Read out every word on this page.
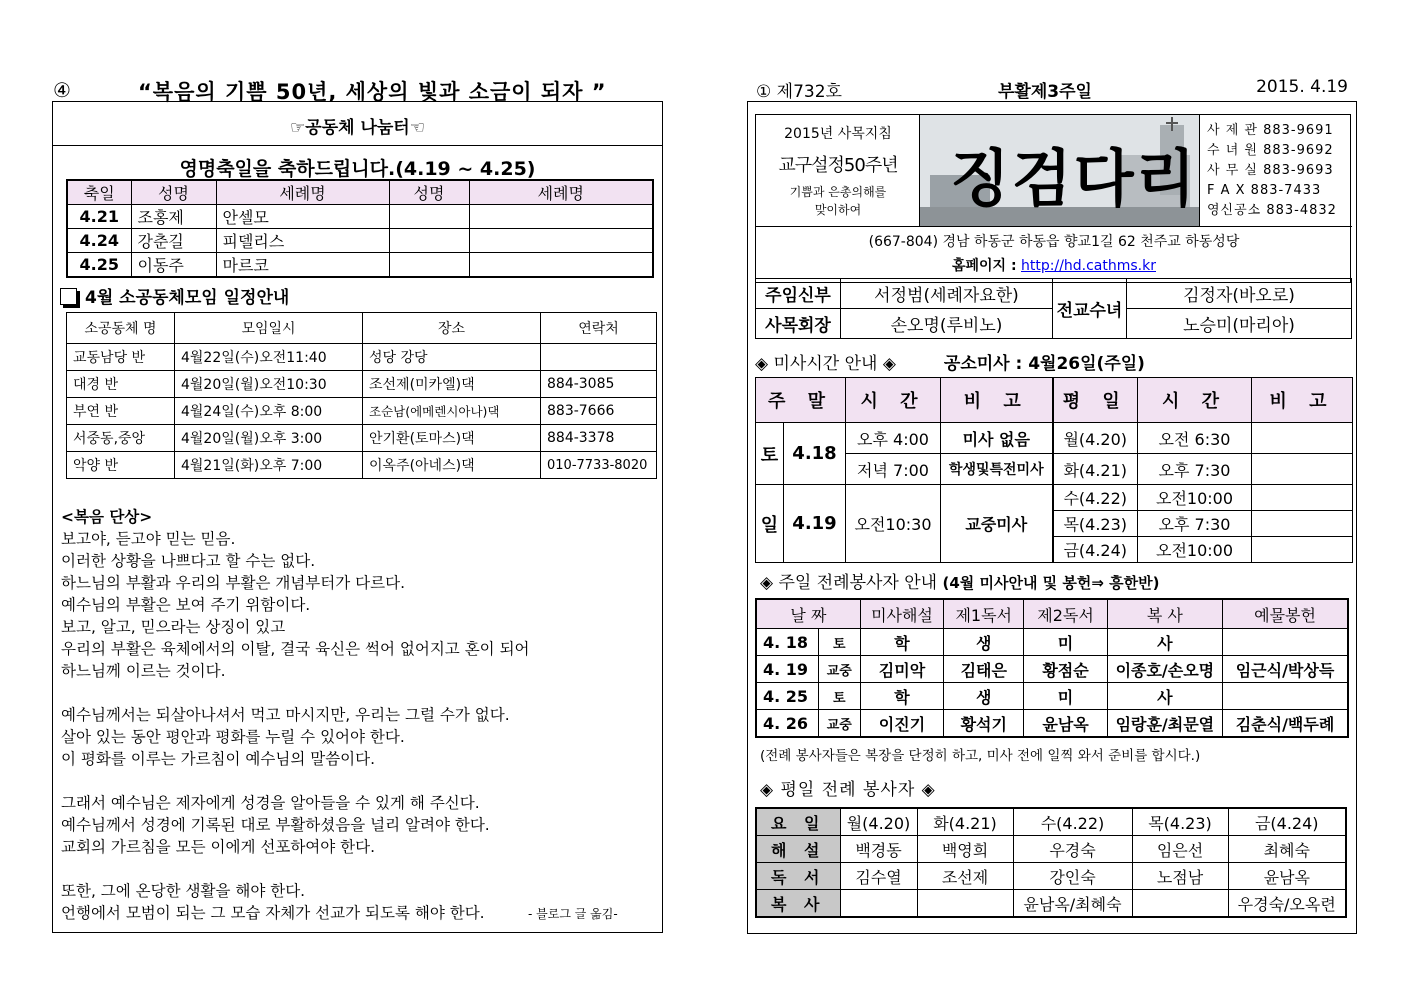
④	“복음의 기쁨 50년, 세상의 빛과 소금이 되자 ”
☞공동체 나눔터☜
영명축일을 축하드립니다.(4.19 ~ 4.25)
축일	성명	세례명	성명	세례명
4.21	조홍제	안셀모		
4.24	강춘길	피델리스		
4.25	이동주	마르코		
4월 소공동체모임 일정안내
소공동체 명	모임일시	장소	연락처
교동남당 반	4월22일(수)오전11:40	성당 강당	
대경 반	4월20일(월)오전10:30	조선제(미카엘)댁	884-3085
부연 반	4월24일(수)오후 8:00	조순남(에메렌시아나)댁	883-7666
서중동,중앙	4월20일(월)오후 3:00	안기환(토마스)댁	884-3378
악양 반	4월21일(화)오후 7:00	이옥주(아네스)댁	010-7733-8020
<복음 단상>
보고야, 듣고야 믿는 믿음.
이러한 상황을 나쁘다고 할 수는 없다.
하느님의 부활과 우리의 부활은 개념부터가 다르다.
예수님의 부활은 보여 주기 위함이다.
보고, 알고, 믿으라는 상징이 있고
우리의 부활은 육체에서의 이탈, 결국 육신은 썩어 없어지고 혼이 되어
하느님께 이르는 것이다.
예수님께서는 되살아나셔서 먹고 마시지만, 우리는 그럴 수가 없다.
살아 있는 동안 평안과 평화를 누릴 수 있어야 한다.
이 평화를 이루는 가르침이 예수님의 말씀이다.
그래서 예수님은 제자에게 성경을 알아들을 수 있게 해 주신다.
예수님께서 성경에 기록된 대로 부활하셨음을 널리 알려야 한다.
교회의 가르침을 모든 이에게 선포하여야 한다.
또한, 그에 온당한 생활을 해야 한다.
언행에서 모범이 되는 그 모습 자체가 선교가 되도록 해야 한다.	- 블로그 글 옮김-
① 제732호	부활제3주일	2015. 4.19
2015년 사목지침
교구설정50주년
기쁨과 은총의해를
맞이하여	징검다리
사 제 관 883-9691
수 녀 원 883-9692
사 무 실 883-9693
F A X 883-7433
영신공소 883-4832
(667-804) 경남 하동군 하동읍 향교1길 62 천주교 하동성당
홈페이지 : http://hd.cathms.kr
주임신부	서정범(세례자요한)	전교수녀	김정자(바오로)
사목회장	손오명(루비노)		노승미(마리아)
◈ 미사시간 안내 ◈	공소미사 : 4월26일(주일)
주 말		시 간	비 고	평 일	시 간	비 고
토	4.18	오후 4:00	미사 없음	월(4.20)	오전 6:30	
		저녁 7:00	학생및특전미사	화(4.21)	오후 7:30	
일	4.19	오전10:30	교중미사	수(4.22)	오전10:00	
				목(4.23)	오후 7:30	
				금(4.24)	오전10:00	
◈ 주일 전례봉사자 안내 (4월 미사안내 및 봉헌⇒ 흥한반)
날 짜		미사해설	제1독서	제2독서	복 사	예물봉헌
4. 18	토	학	생	미	사	
4. 19	교중	김미악	김태은	황점순	이종호/손오명	임근식/박상득
4. 25	토	학	생	미	사	
4. 26	교중	이진기	황석기	윤남옥	임랑훈/최문열	김춘식/백두례
(전례 봉사자들은 복장을 단정히 하고, 미사 전에 일찍 와서 준비를 합시다.)
◈ 평일 전례 봉사자 ◈
요 일	월(4.20)	화(4.21)	수(4.22)	목(4.23)	금(4.24)
해 설	백경동	백영희	우경숙	임은선	최혜숙
독 서	김수열	조선제	강인숙	노점남	윤남옥
복 사			윤남옥/최혜숙		우경숙/오옥련
